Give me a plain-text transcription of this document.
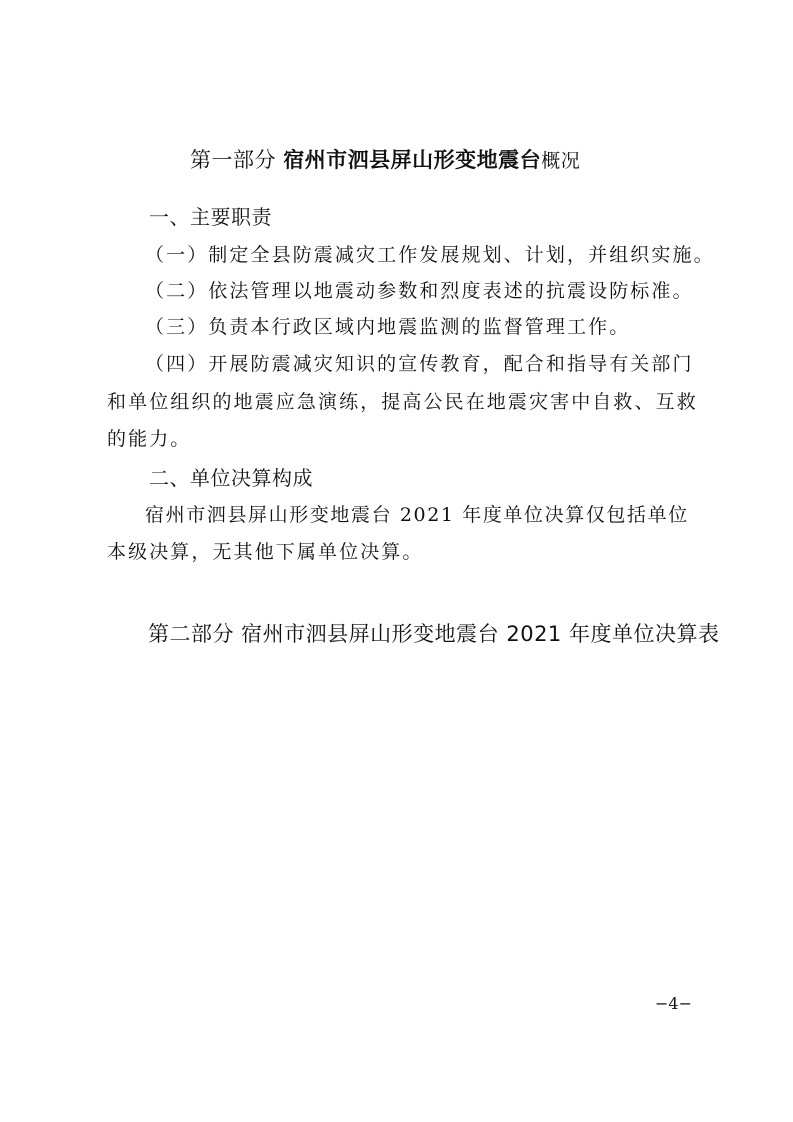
第一部分 宿州市泗县屏山形变地震台概况
一、主要职责
（一）制定全县防震减灾工作发展规划、计划，并组织实施。
（二）依法管理以地震动参数和烈度表述的抗震设防标准。
（三）负责本行政区域内地震监测的监督管理工作。
（四）开展防震减灾知识的宣传教育，配合和指导有关部门
和单位组织的地震应急演练，提高公民在地震灾害中自救、互救
的能力。
二、单位决算构成
宿州市泗县屏山形变地震台 2021 年度单位决算仅包括单位
本级决算，无其他下属单位决算。
第二部分 宿州市泗县屏山形变地震台 2021 年度单位决算表
−4−
